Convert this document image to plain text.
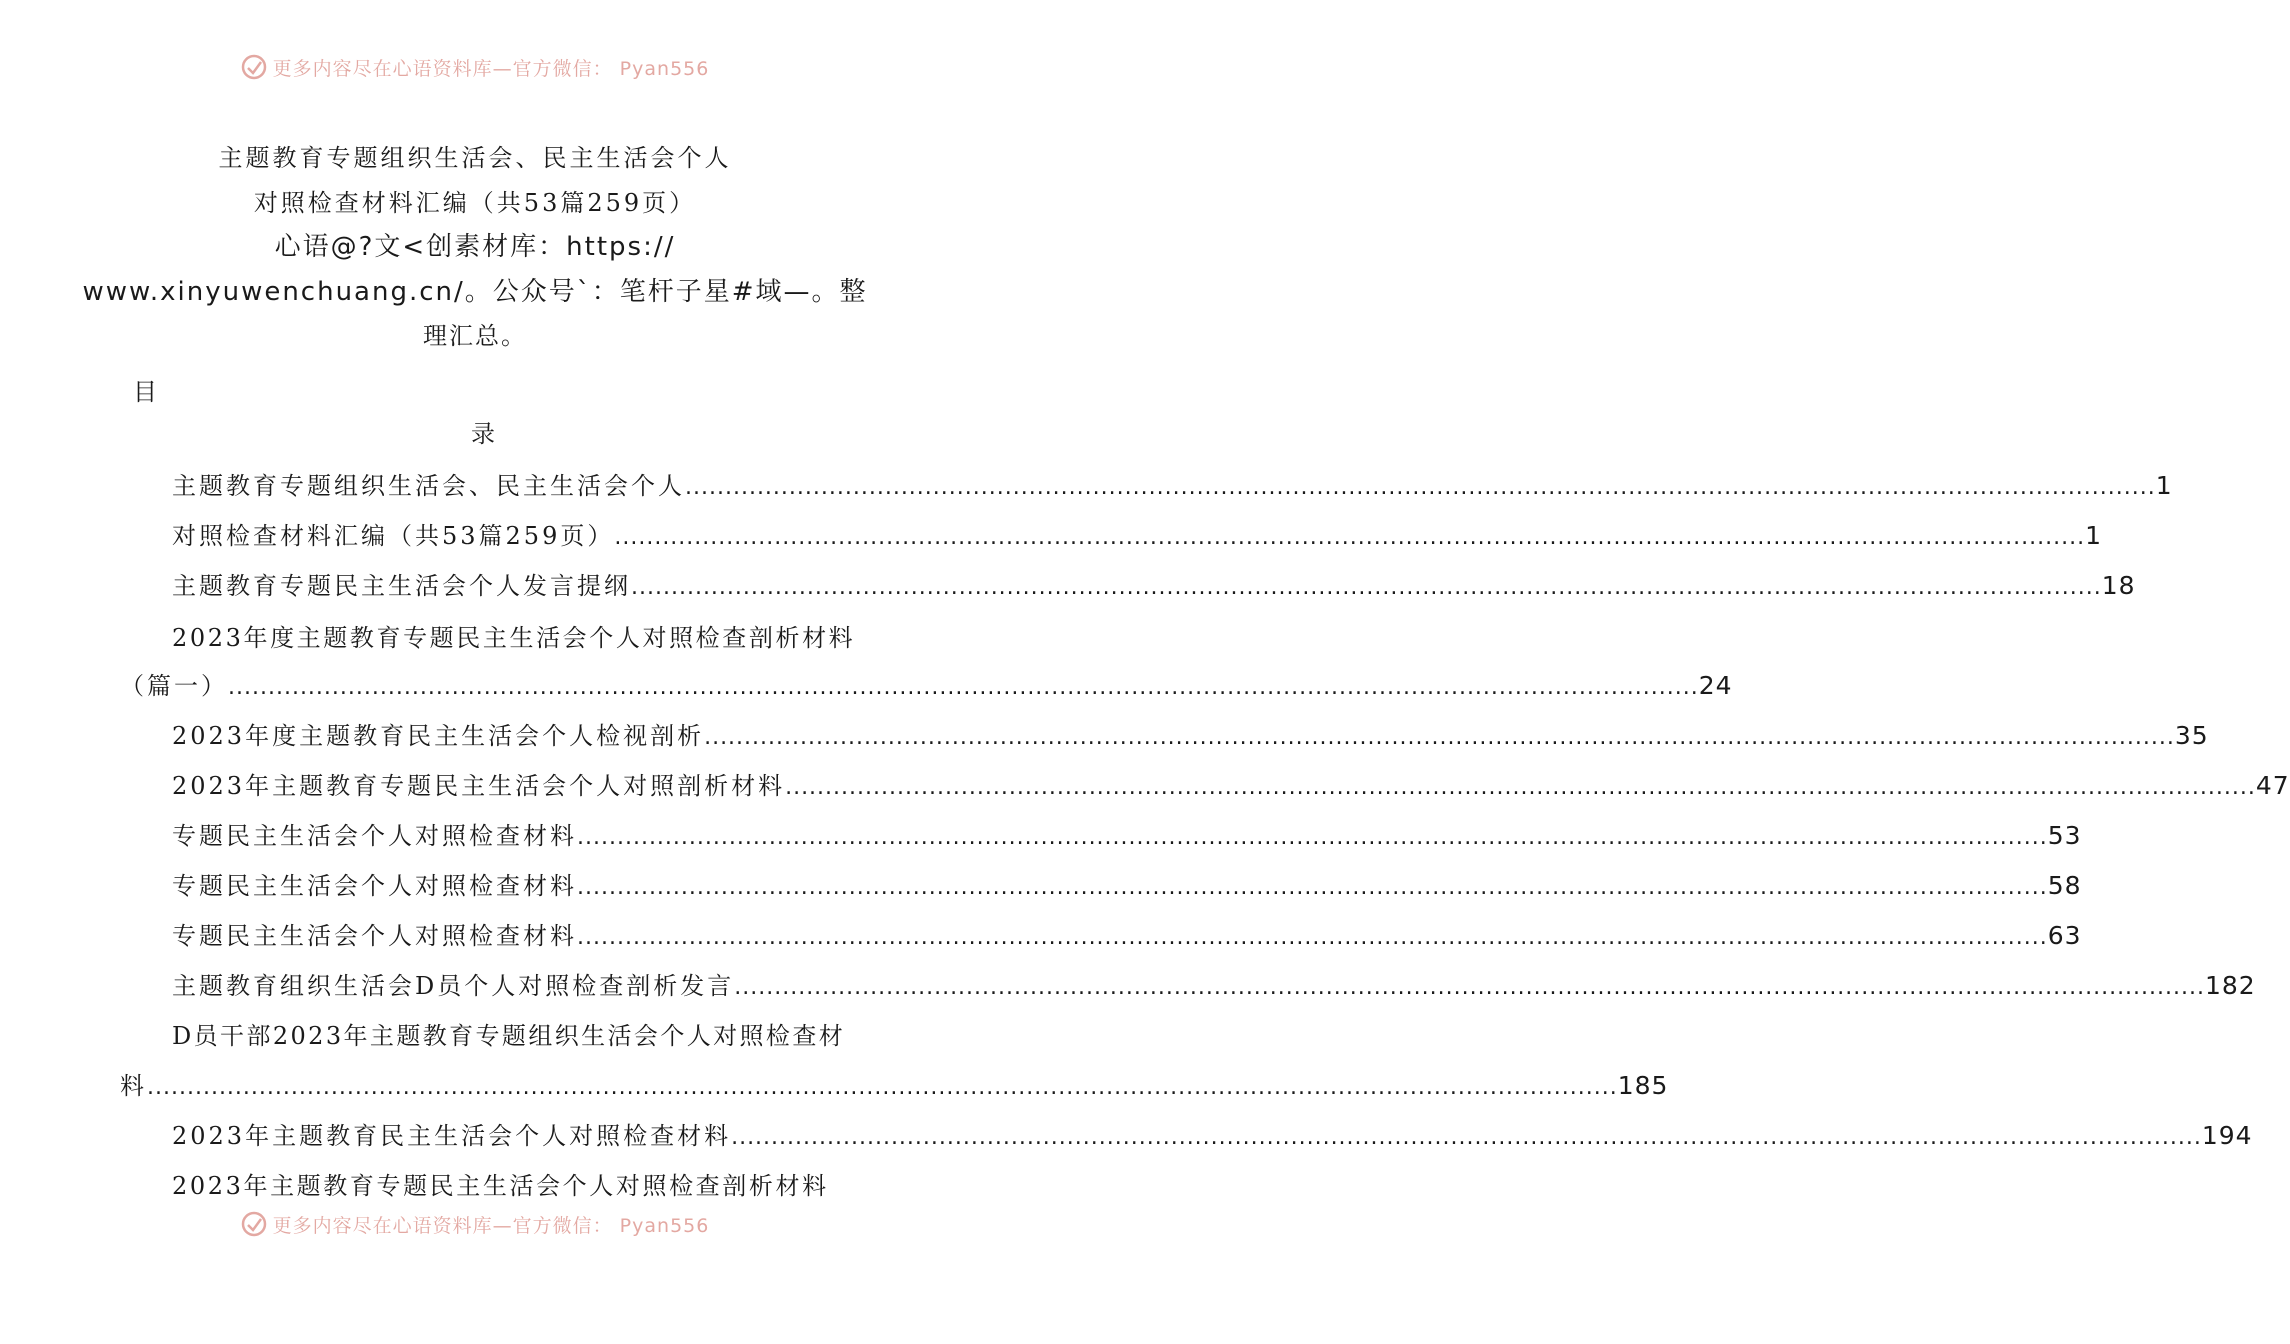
更多内容尽在心语资料库—官方微信： Pyan556
主题教育专题组织生活会、民主生活会个人
对照检查材料汇编（共53篇259页）
心语@?文<创素材库：https://
www.xinyuwenchuang.cn/。公众号`：笔杆子星#域—。整
理汇总。
目
录
主题教育专题组织生活会、民主生活会个人 .....	1
对照检查材料汇编（共53篇259页） .....	1
主题教育专题民主生活会个人发言提纲 .....	18
2023年度主题教育专题民主生活会个人对照检查剖析材料
（篇一） .....	24
2023年度主题教育民主生活会个人检视剖析 .....	35
2023年主题教育专题民主生活会个人对照剖析材料 .....	47
专题民主生活会个人对照检查材料 .....	53
专题民主生活会个人对照检查材料 .....	58
专题民主生活会个人对照检查材料 .....	63
主题教育组织生活会D员个人对照检查剖析发言 .....	182
D员干部2023年主题教育专题组织生活会个人对照检查材
料 .....	185
2023年主题教育民主生活会个人对照检查材料 .....	194
2023年主题教育专题民主生活会个人对照检查剖析材料
更多内容尽在心语资料库—官方微信： Pyan556
